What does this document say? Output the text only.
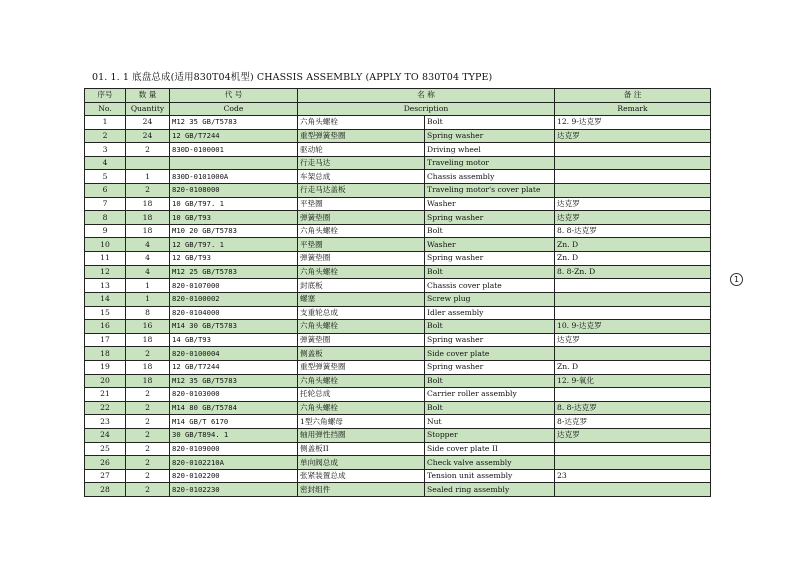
01. 1. 1 底盘总成(适用830T04机型) CHASSIS ASSEMBLY (APPLY TO 830T04 TYPE)
序号	数 量	代 号	名 称		备 注
No.	Quantity	Code	Description		Remark
1	24	M12 35 GB/T5783	六角头螺栓	Bolt	12. 9-达克罗
2	24	12 GB/T7244	重型弹簧垫圈	Spring washer	达克罗
3	2	830D-0100001	驱动轮	Driving wheel	
4			行走马达	Traveling motor	
5	1	830D-0101000A	车架总成	Chassis assembly	
6	2	820-0108000	行走马达盖板	Traveling motor's cover plate	
7	18	10 GB/T97. 1	平垫圈	Washer	达克罗
8	18	10 GB/T93	弹簧垫圈	Spring washer	达克罗
9	18	M10 20 GB/T5783	六角头螺栓	Bolt	8. 8-达克罗
10	4	12 GB/T97. 1	平垫圈	Washer	Zn. D
11	4	12 GB/T93	弹簧垫圈	Spring washer	Zn. D
12	4	M12 25 GB/T5783	六角头螺栓	Bolt	8. 8-Zn. D
13	1	820-0107000	封底板	Chassis cover plate	
14	1	820-0100002	螺塞	Screw plug	
15	8	820-0104000	支重轮总成	Idler assembly	
16	16	M14 30 GB/T5783	六角头螺栓	Bolt	10. 9-达克罗
17	18	14 GB/T93	弹簧垫圈	Spring washer	达克罗
18	2	820-0100004	侧盖板	Side cover plate	
19	18	12 GB/T7244	重型弹簧垫圈	Spring washer	Zn. D
20	18	M12 35 GB/T5783	六角头螺栓	Bolt	12. 9-氧化
21	2	820-0103000	托轮总成	Carrier roller assembly	
22	2	M14 80 GB/T5784	六角头螺栓	Bolt	8. 8-达克罗
23	2	M14 GB/T 6170	1型六角螺母	Nut	8-达克罗
24	2	30 GB/T894. 1	轴用弹性挡圈	Stopper	达克罗
25	2	820-0109000	侧盖板II	Side cover plate II	
26	2	820-0102210A	单向阀总成	Check valve assembly	
27	2	820-0102200	张紧装置总成	Tension unit assembly	23
28	2	820-0102230	密封组件	Sealed ring assembly	
1
